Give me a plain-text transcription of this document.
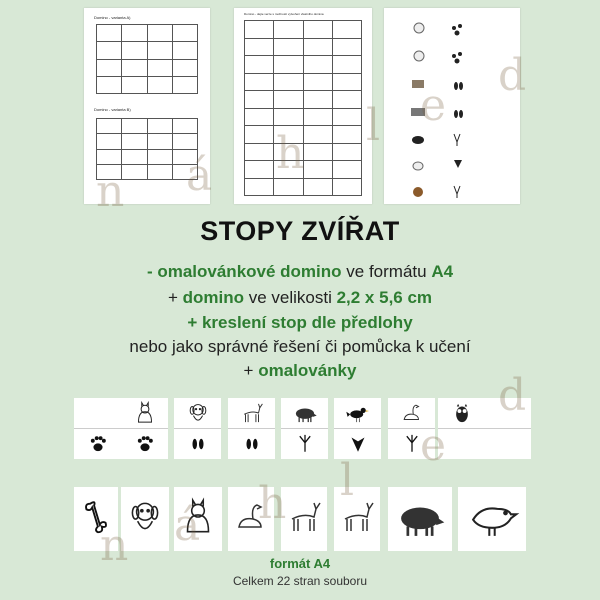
Domino - varianta A)

Domino - varianta B)

Domino - dejte verze s možností vytvoření vlastního domina

STOPY ZVÍŘAT
- omalovánkové domino ve formátu A4
+ domino ve velikosti 2,2 x 5,6 cm
+ kreslení stop dle předlohy
nebo jako správné řešení či pomůcka k učení
+ omalovánky
n á h
l e
d
n á h l
e
d
formát A4
Celkem 22 stran souboru
